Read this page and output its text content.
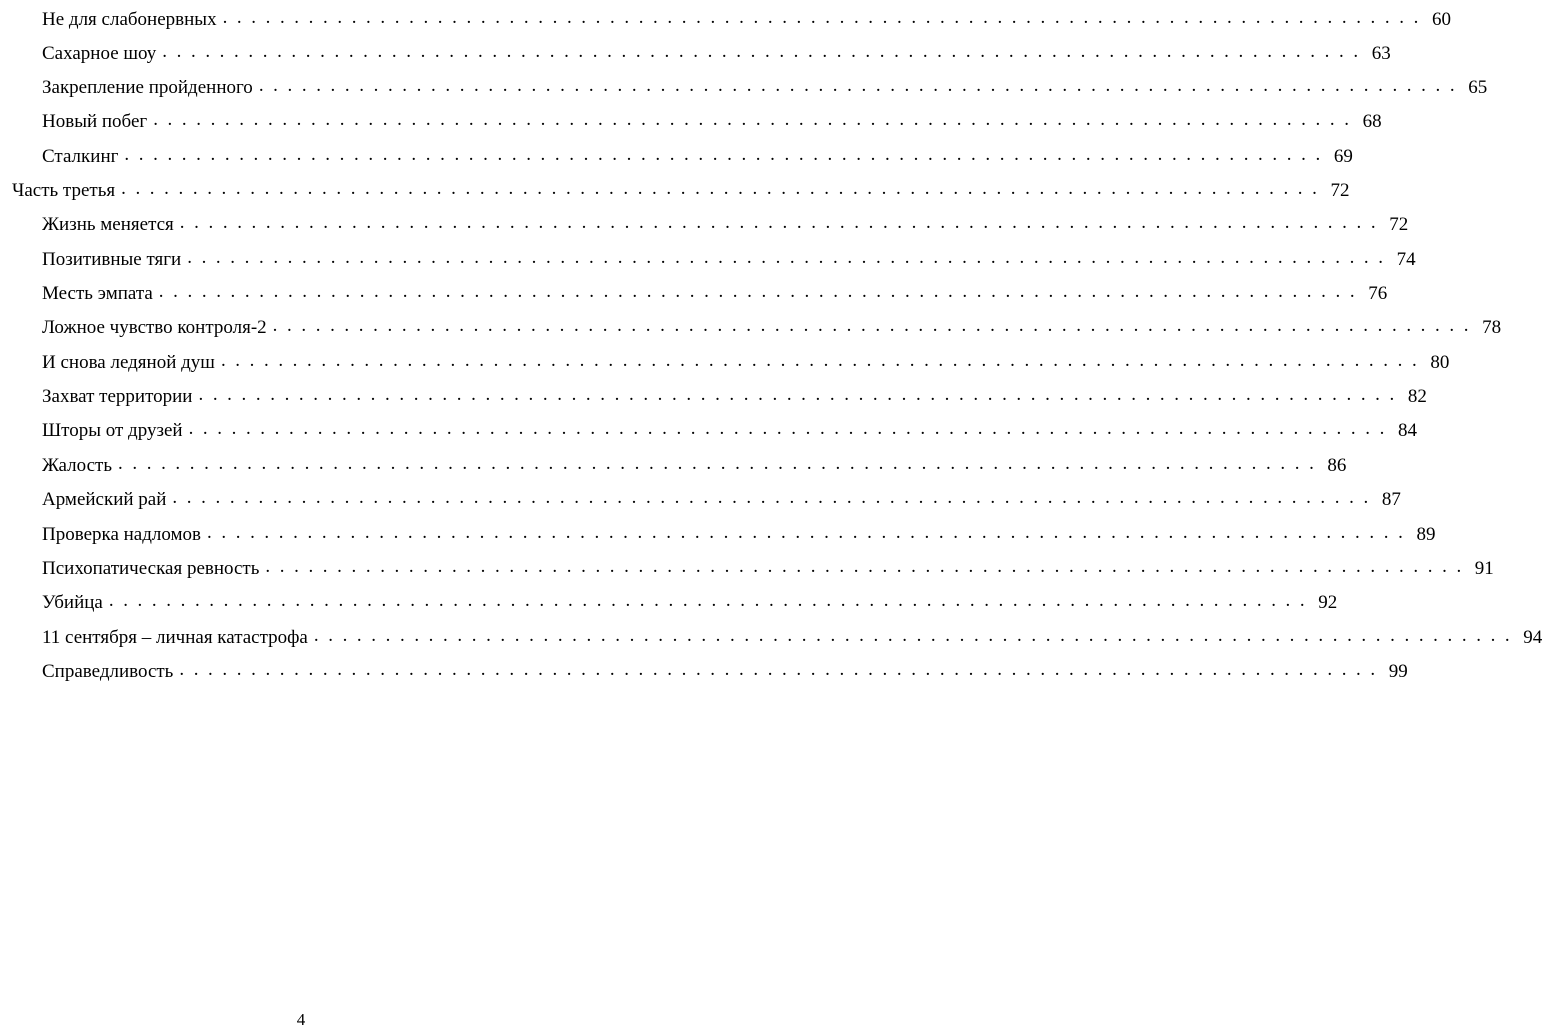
Не для слабонервных .................................................................................... 60
Сахарное шоу .................................................................................... 63
Закрепление пройденного .................................................................................... 65
Новый побег .................................................................................... 68
Сталкинг .................................................................................... 69
Часть третья .................................................................................... 72
Жизнь меняется .................................................................................... 72
Позитивные тяги .................................................................................... 74
Месть эмпата .................................................................................... 76
Ложное чувство контроля-2 .................................................................................... 78
И снова ледяной душ .................................................................................... 80
Захват территории .................................................................................... 82
Шторы от друзей .................................................................................... 84
Жалость .................................................................................... 86
Армейский рай .................................................................................... 87
Проверка надломов .................................................................................... 89
Психопатическая ревность .................................................................................... 91
Убийца .................................................................................... 92
11 сентября – личная катастрофа .................................................................................... 94
Справедливость .................................................................................... 99
4
